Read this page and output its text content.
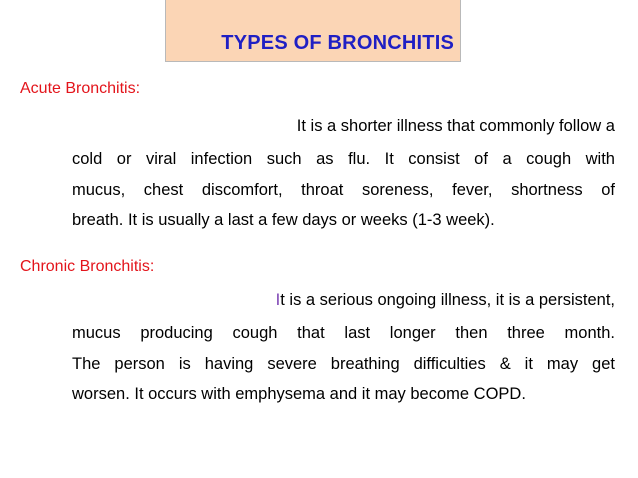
TYPES OF BRONCHITIS
Acute Bronchitis:
It is a shorter illness that commonly follow a
cold or viral infection such as flu. It consist of a cough with
mucus, chest discomfort, throat soreness, fever, shortness of
breath. It is usually a last a few days or weeks (1-3 week).
Chronic Bronchitis:
It is a serious ongoing illness, it is a persistent,
mucus producing cough that last longer then three month.
The person is having severe breathing difficulties & it may get
worsen. It occurs with emphysema and it may become COPD.
